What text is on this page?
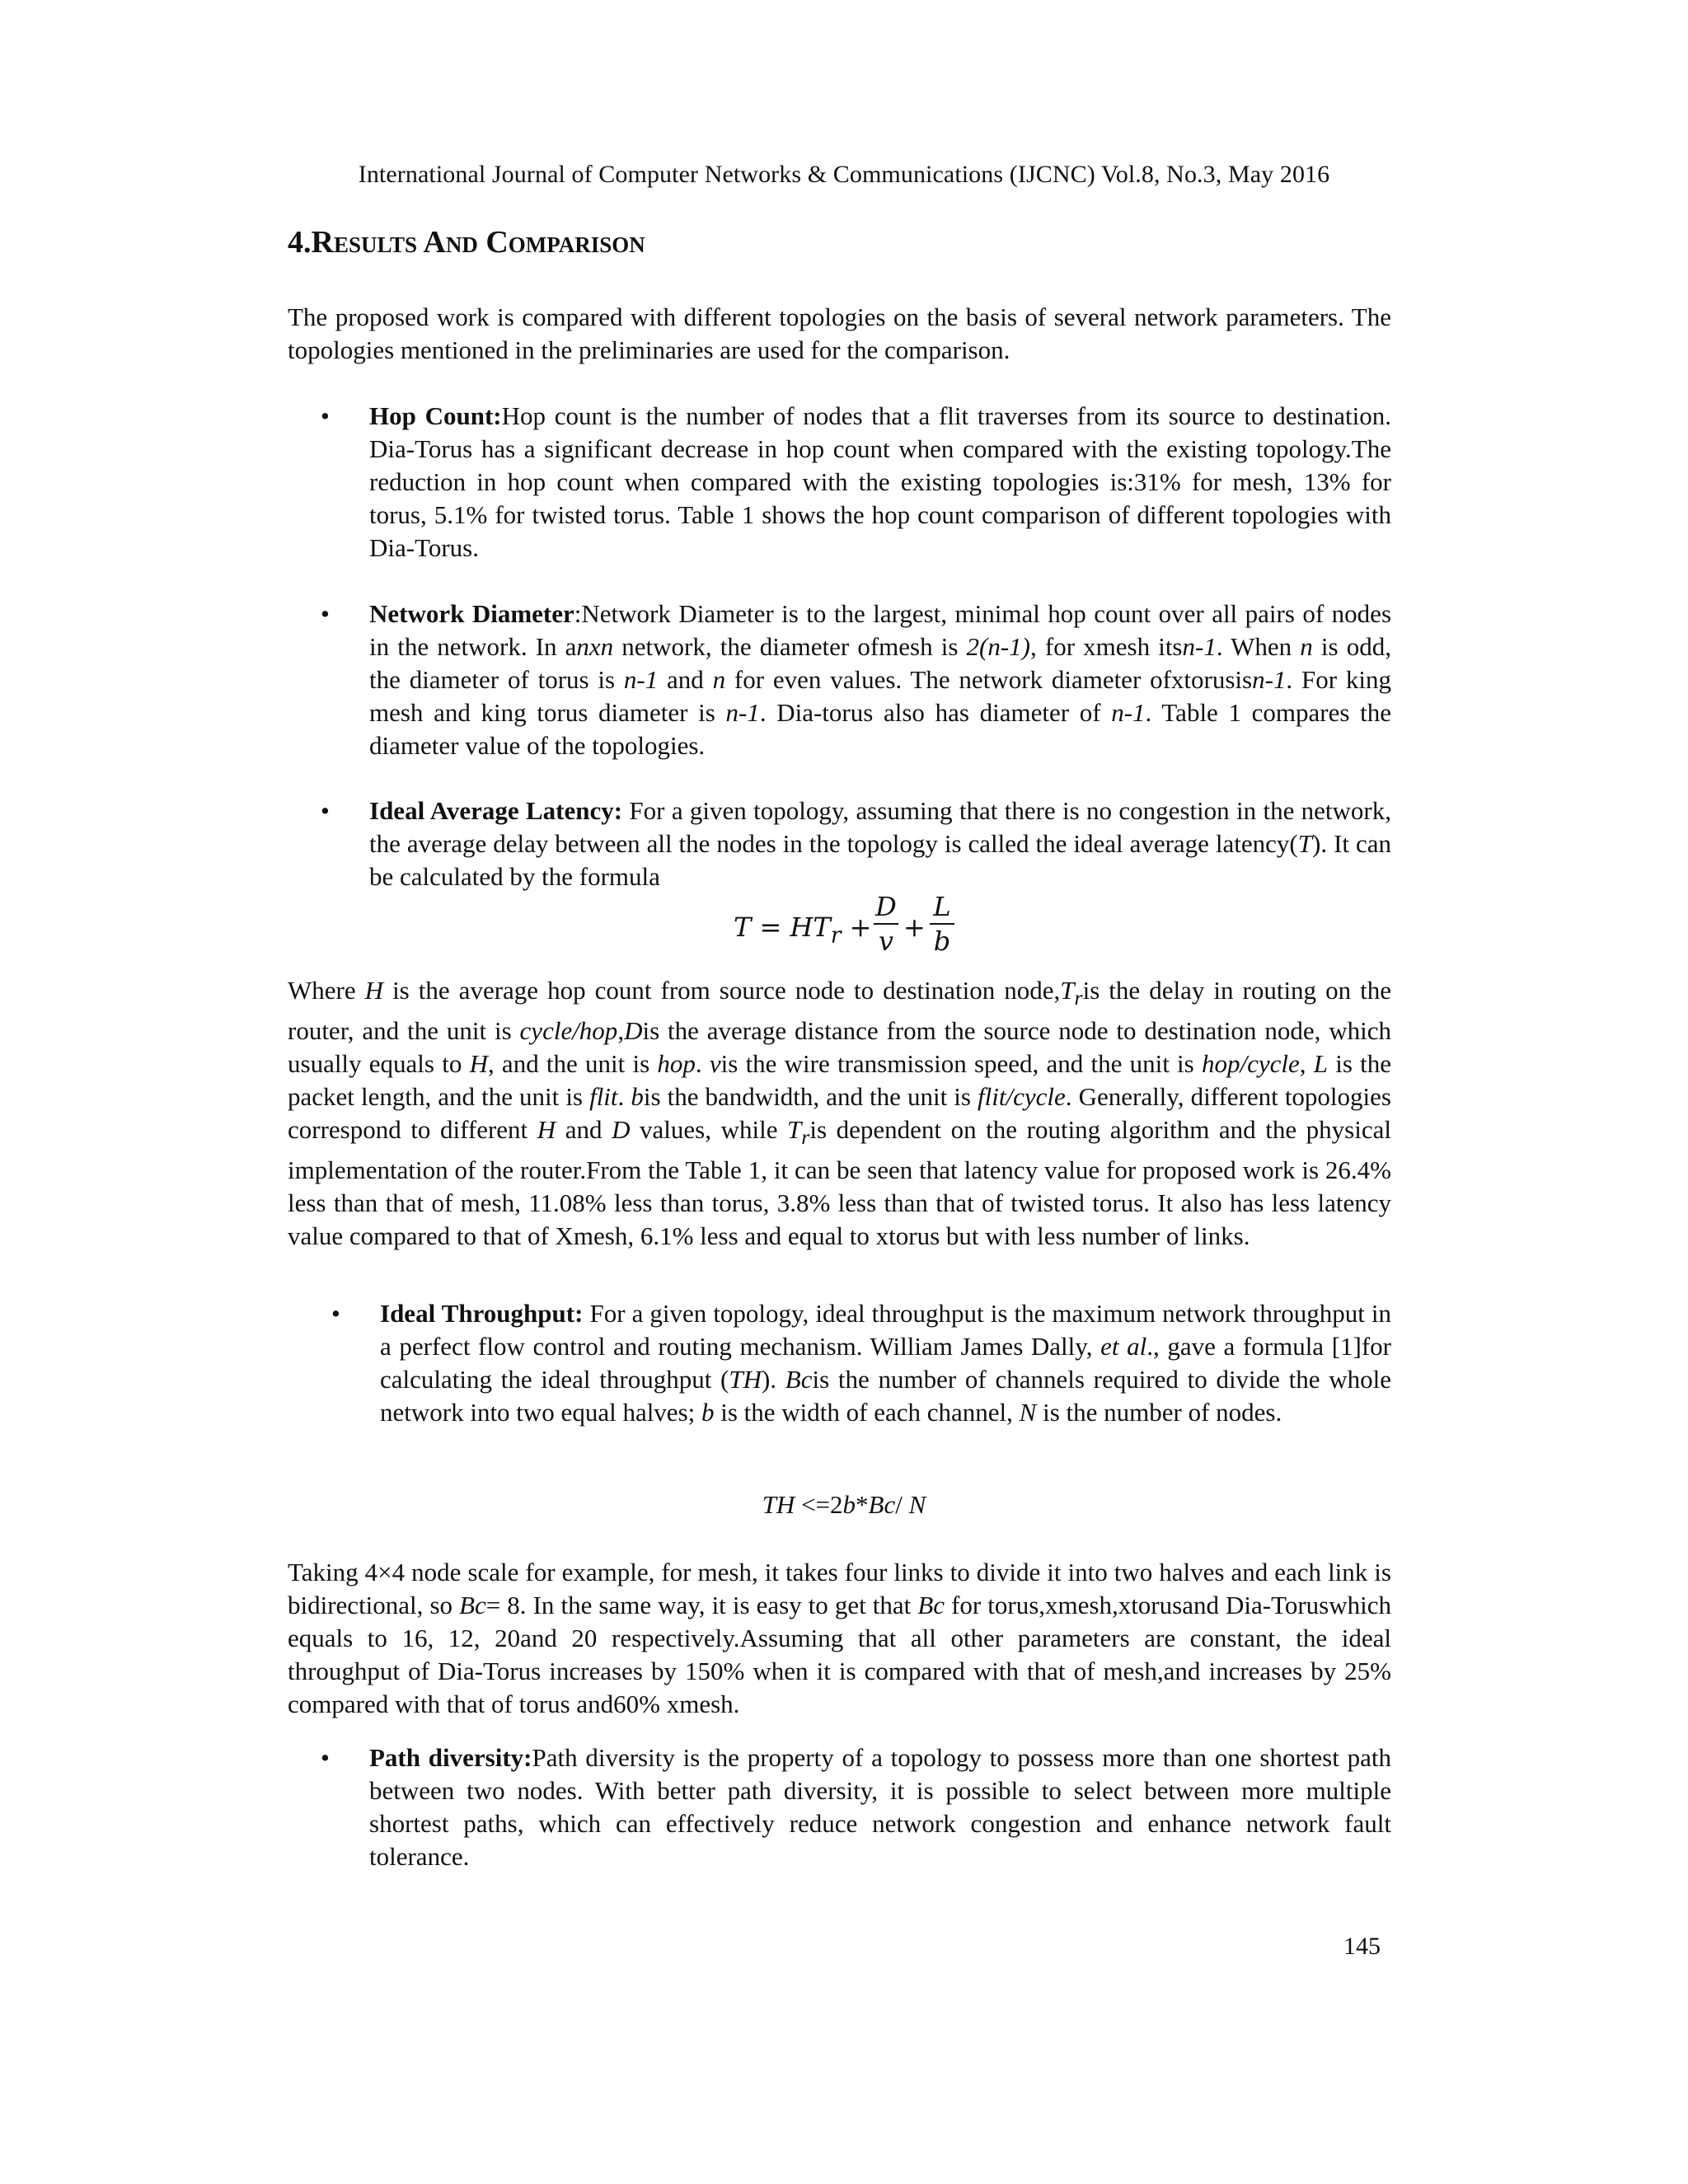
International Journal of Computer Networks & Communications (IJCNC) Vol.8, No.3, May 2016
4.Results And Comparison
The proposed work is compared with different topologies on the basis of several network parameters. The topologies mentioned in the preliminaries are used for the comparison.
• Hop Count:Hop count is the number of nodes that a flit traverses from its source to destination. Dia-Torus has a significant decrease in hop count when compared with the existing topology.The reduction in hop count when compared with the existing topologies is:31% for mesh, 13% for torus, 5.1% for twisted torus. Table 1 shows the hop count comparison of different topologies with Dia-Torus.
• Network Diameter:Network Diameter is to the largest, minimal hop count over all pairs of nodes in the network. In anxn network, the diameter ofmesh is 2(n-1), for xmesh itsn-1. When n is odd, the diameter of torus is n-1 and n for even values. The network diameter ofxtorusisn-1. For king mesh and king torus diameter is n-1. Dia-torus also has diameter of n-1. Table 1 compares the diameter value of the topologies.
• Ideal Average Latency: For a given topology, assuming that there is no congestion in the network, the average delay between all the nodes in the topology is called the ideal average latency(T). It can be calculated by the formula
$T = HT_r + \frac{D}{v} + \frac{L}{b}$
Where H is the average hop count from source node to destination $node,T_ris$ the delay in routing on the router, and the unit is cycle/hop,Dis the average distance from the source node to destination node, which usually equals to H, and the unit is hop. vis the wire transmission speed, and the unit is hop/cycle, L is the packet length, and the unit is flit. bis the bandwidth, and the unit is flit/cycle. Generally, different topologies correspond to different H and D values, while $T_ris$ dependent on the routing algorithm and the physical implementation of the router.From the Table 1, it can be seen that latency value for proposed work is 26.4% less than that of mesh, 11.08% less than torus, 3.8% less than that of twisted torus. It also has less latency value compared to that of Xmesh, 6.1% less and equal to xtorus but with less number of links.
• Ideal Throughput: For a given topology, ideal throughput is the maximum network throughput in a perfect flow control and routing mechanism. William James Dally, et al., gave a formula [1]for calculating the ideal throughput (TH). Bcis the number of channels required to divide the whole network into two equal halves; b is the width of each channel, N is the number of nodes.
TH <=2b*Bc/ N
Taking 4×4 node scale for example, for mesh, it takes four links to divide it into two halves and each link is bidirectional, so Bc= 8. In the same way, it is easy to get that Bc for torus,xmesh,xtorusand Dia-Toruswhich equals to 16, 12, 20and 20 respectively.Assuming that all other parameters are constant, the ideal throughput of Dia-Torus increases by 150% when it is compared with that of mesh,and increases by 25% compared with that of torus and60% xmesh.
• Path diversity:Path diversity is the property of a topology to possess more than one shortest path between two nodes. With better path diversity, it is possible to select between more multiple shortest paths, which can effectively reduce network congestion and enhance network fault tolerance.
145
